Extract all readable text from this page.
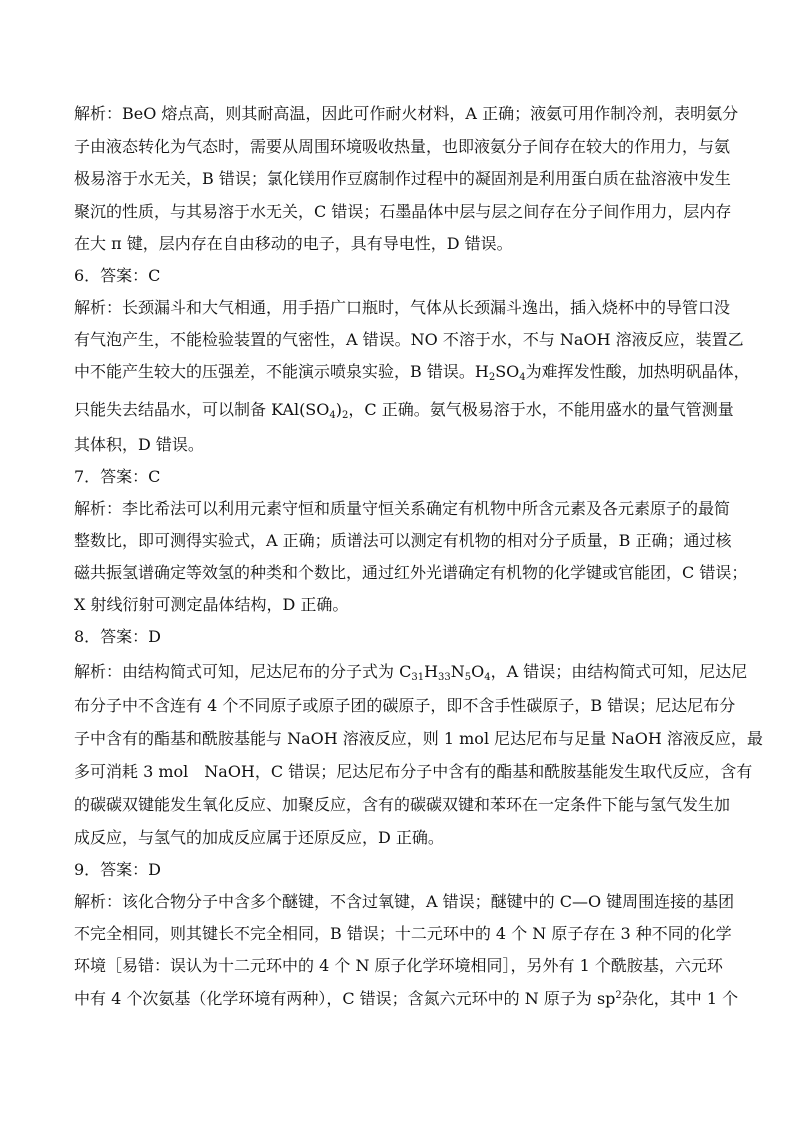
解析：BeO 熔点高，则其耐高温，因此可作耐火材料，A 正确；液氨可用作制冷剂，表明氨分
子由液态转化为气态时，需要从周围环境吸收热量，也即液氨分子间存在较大的作用力，与氨
极易溶于水无关，B 错误；氯化镁用作豆腐制作过程中的凝固剂是利用蛋白质在盐溶液中发生
聚沉的性质，与其易溶于水无关，C 错误；石墨晶体中层与层之间存在分子间作用力，层内存
在大 π 键，层内存在自由移动的电子，具有导电性，D 错误。
6．答案：C
解析：长颈漏斗和大气相通，用手捂广口瓶时，气体从长颈漏斗逸出，插入烧杯中的导管口没
有气泡产生，不能检验装置的气密性，A 错误。NO 不溶于水，不与 NaOH 溶液反应，装置乙
中不能产生较大的压强差，不能演示喷泉实验，B 错误。$H_2SO_4$为难挥发性酸，加热明矾晶体，
只能失去结晶水，可以制备 $KAl(SO_4)_2$，C 正确。氨气极易溶于水，不能用盛水的量气管测量
其体积，D 错误。
7．答案：C
解析：李比希法可以利用元素守恒和质量守恒关系确定有机物中所含元素及各元素原子的最简
整数比，即可测得实验式，A 正确；质谱法可以测定有机物的相对分子质量，B 正确；通过核
磁共振氢谱确定等效氢的种类和个数比，通过红外光谱确定有机物的化学键或官能团，C 错误；
X 射线衍射可测定晶体结构，D 正确。
8．答案：D
解析：由结构简式可知，尼达尼布的分子式为 $C_{31}H_{33}N_5O_4$，A 错误；由结构简式可知，尼达尼
布分子中不含连有 4 个不同原子或原子团的碳原子，即不含手性碳原子，B 错误；尼达尼布分
子中含有的酯基和酰胺基能与 NaOH 溶液反应，则 1 mol 尼达尼布与足量 NaOH 溶液反应，最
多可消耗 3 mol　NaOH，C 错误；尼达尼布分子中含有的酯基和酰胺基能发生取代反应，含有
的碳碳双键能发生氧化反应、加聚反应，含有的碳碳双键和苯环在一定条件下能与氢气发生加
成反应，与氢气的加成反应属于还原反应，D 正确。
9．答案：D
解析：该化合物分子中含多个醚键，不含过氧键，A 错误；醚键中的 C—O 键周围连接的基团
不完全相同，则其键长不完全相同，B 错误；十二元环中的 4 个 N 原子存在 3 种不同的化学
环境［易错：误认为十二元环中的 4 个 N 原子化学环境相同］，另外有 1 个酰胺基，六元环
中有 4 个次氨基（化学环境有两种），C 错误；含氮六元环中的 N 原子为 $sp^2$杂化，其中 1 个
